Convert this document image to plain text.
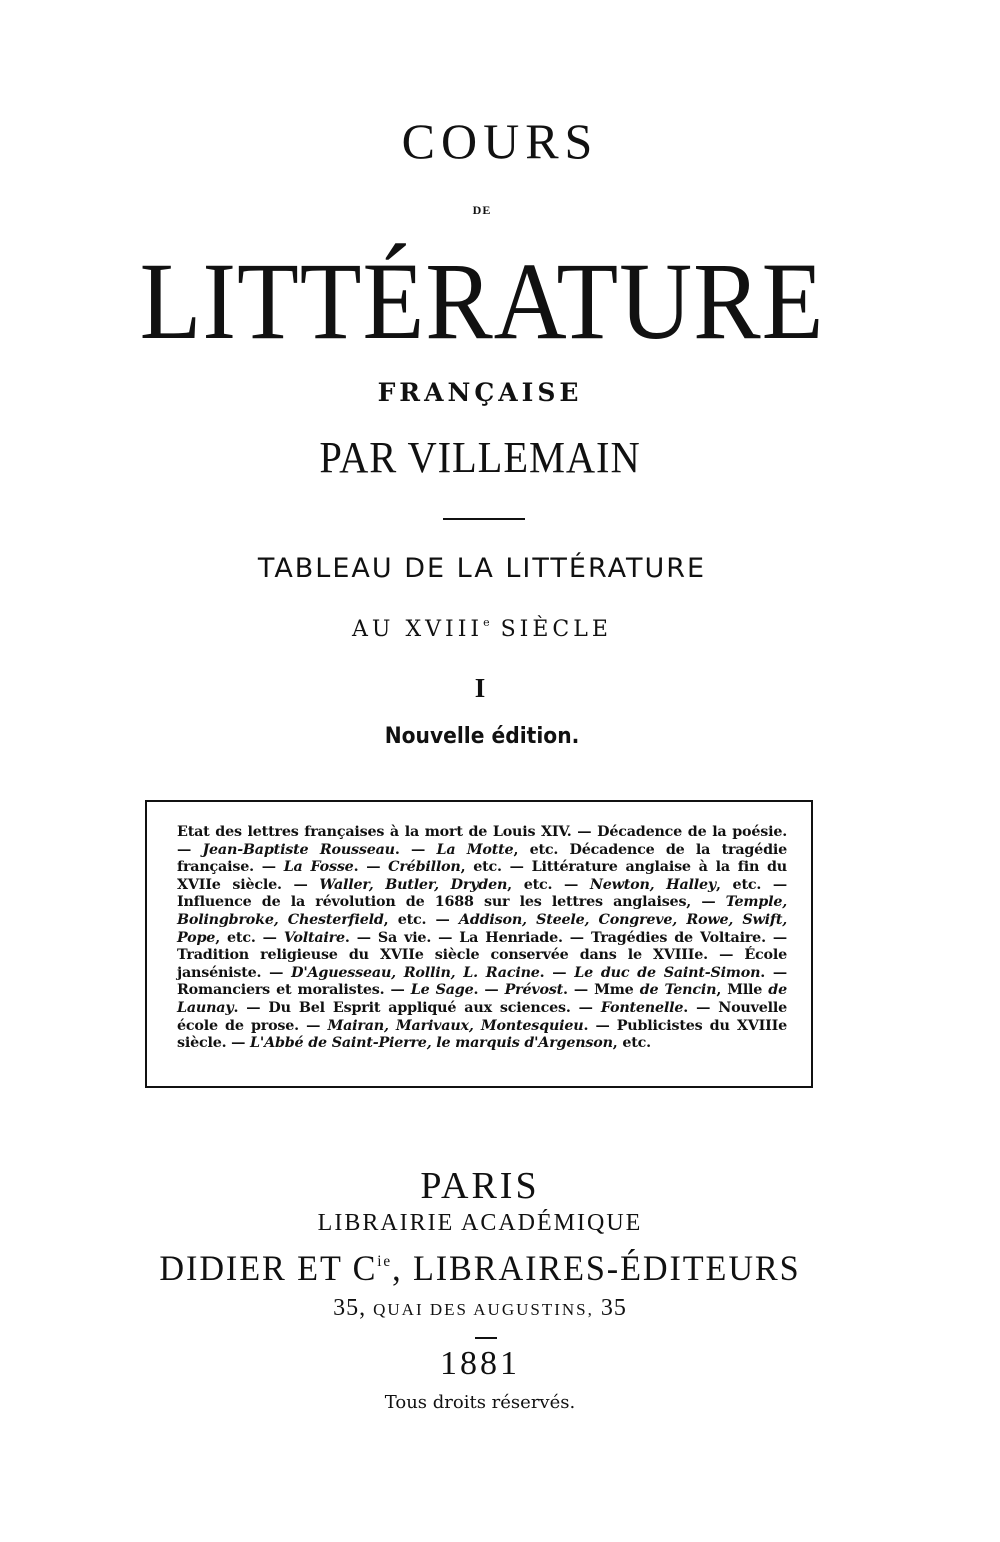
COURS
DE
LITTÉRATURE
FRANÇAISE
PAR VILLEMAIN
TABLEAU DE LA LITTÉRATURE
AU XVIIIe SIÈCLE
I
Nouvelle édition.
Etat des lettres françaises à la mort de Louis XIV. — Décadence de la poésie. — Jean-Baptiste Rousseau. — La Motte, etc. Décadence de la tragédie française. — La Fosse. — Crébillon, etc. — Littérature anglaise à la fin du XVIIe siècle. — Waller, Butler, Dryden, etc. — Newton, Halley, etc. — Influence de la révolution de 1688 sur les lettres anglaises, — Temple, Bolingbroke, Chesterfield, etc. — Addison, Steele, Congreve, Rowe, Swift, Pope, etc. — Voltaire. — Sa vie. — La Henriade. — Tragédies de Voltaire. — Tradition religieuse du XVIIe siècle conservée dans le XVIIIe. — École janséniste. — D'Aguesseau, Rollin, L. Racine. — Le duc de Saint-Simon. — Romanciers et moralistes. — Le Sage. — Prévost. — Mme de Tencin, Mlle de Launay. — Du Bel Esprit appliqué aux sciences. — Fontenelle. — Nouvelle école de prose. — Mairan, Marivaux, Montesquieu. — Publicistes du XVIIIe siècle. — L'Abbé de Saint-Pierre, le marquis d'Argenson, etc.
PARIS
LIBRAIRIE ACADÉMIQUE
DIDIER ET $C^{ie}$, LIBRAIRES-ÉDITEURS
35, QUAI DES AUGUSTINS, 35
1881
Tous droits réservés.
